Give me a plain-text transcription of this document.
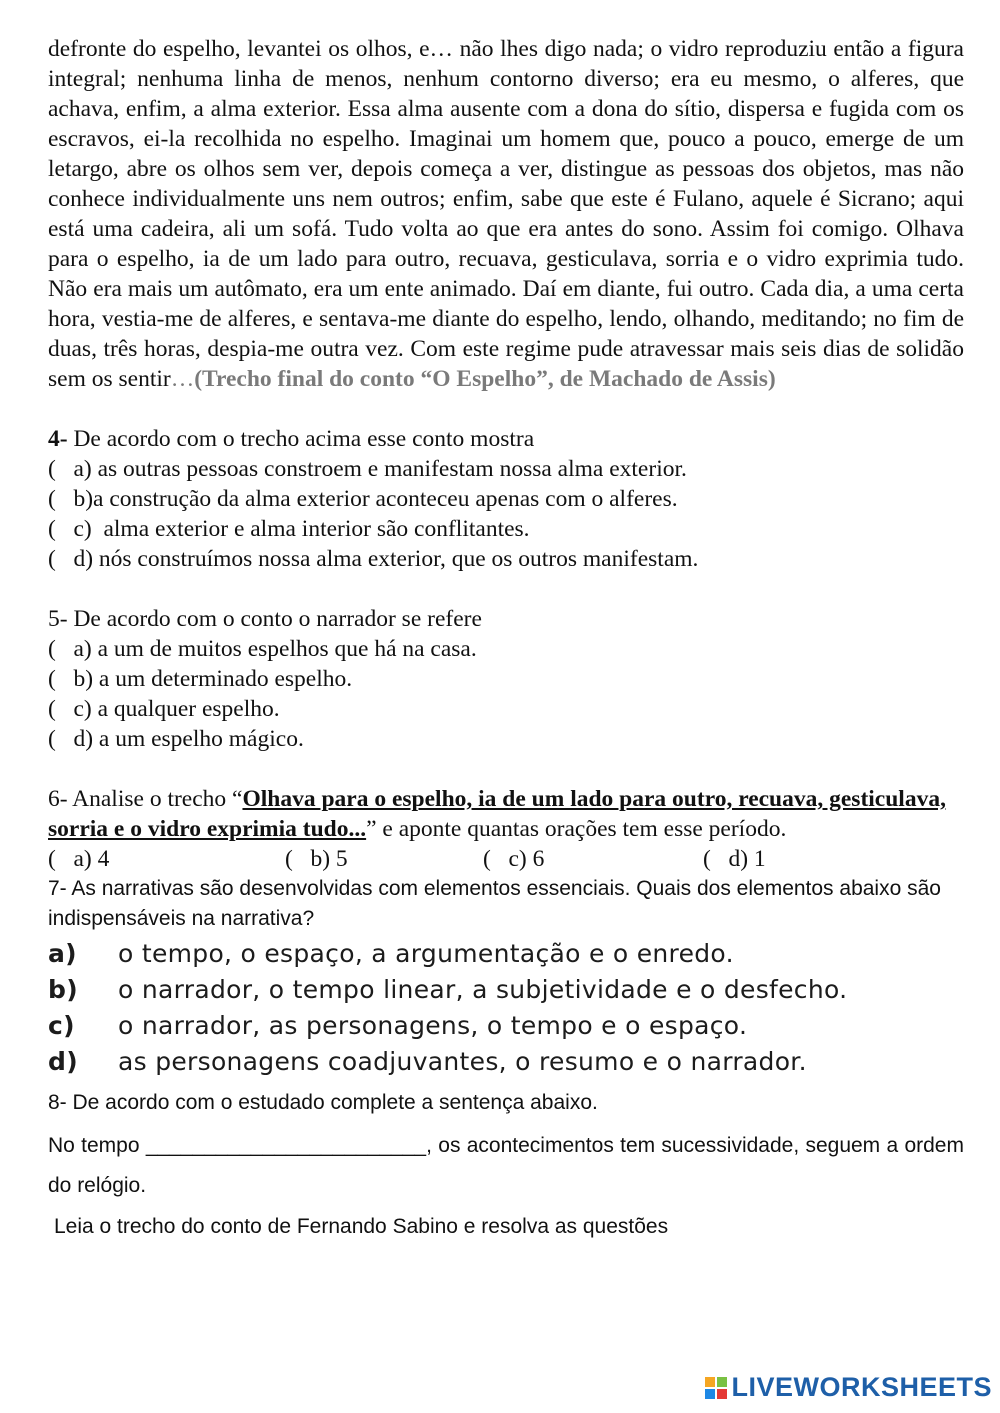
defronte do espelho, levantei os olhos, e… não lhes digo nada; o vidro reproduziu então a figura integral; nenhuma linha de menos, nenhum contorno diverso; era eu mesmo, o alferes, que achava, enfim, a alma exterior. Essa alma ausente com a dona do sítio, dispersa e fugida com os escravos, ei-la recolhida no espelho. Imaginai um homem que, pouco a pouco, emerge de um letargo, abre os olhos sem ver, depois começa a ver, distingue as pessoas dos objetos, mas não conhece individualmente uns nem outros; enfim, sabe que este é Fulano, aquele é Sicrano; aqui está uma cadeira, ali um sofá. Tudo volta ao que era antes do sono. Assim foi comigo. Olhava para o espelho, ia de um lado para outro, recuava, gesticulava, sorria e o vidro exprimia tudo. Não era mais um autômato, era um ente animado. Daí em diante, fui outro. Cada dia, a uma certa hora, vestia-me de alferes, e sentava-me diante do espelho, lendo, olhando, meditando; no fim de duas, três horas, despia-me outra vez. Com este regime pude atravessar mais seis dias de solidão sem os sentir…(Trecho final do conto “O Espelho”, de Machado de Assis)

4- De acordo com o trecho acima esse conto mostra

(   a) as outras pessoas constroem e manifestam nossa alma exterior.

(   b)a construção da alma exterior aconteceu apenas com o alferes.

(   c)  alma exterior e alma interior são conflitantes.

(   d) nós construímos nossa alma exterior, que os outros manifestam.

5- De acordo com o conto o narrador se refere

(   a) a um de muitos espelhos que há na casa.

(   b) a um determinado espelho.

(   c) a qualquer espelho.

(   d) a um espelho mágico.

6- Analise o trecho “Olhava para o espelho, ia de um lado para outro, recuava, gesticulava, sorria e o vidro exprimia tudo...” e aponte quantas orações tem esse período.

(   a) 4	(   b) 5	(   c) 6	(   d) 1

7- As narrativas são desenvolvidas com elementos essenciais. Quais dos elementos abaixo são indispensáveis na narrativa?

a)	o tempo, o espaço, a argumentação e o enredo.
b)	o narrador, o tempo linear, a subjetividade e o desfecho.
c)	o narrador, as personagens, o tempo e o espaço.
d)	as personagens coadjuvantes, o resumo e o narrador.

8- De acordo com o estudado complete a sentença abaixo.

No tempo ________________________, os acontecimentos tem sucessividade, seguem a ordem do relógio.

Leia o trecho do conto de Fernando Sabino e resolva as questões

LIVEWORKSHEETS
